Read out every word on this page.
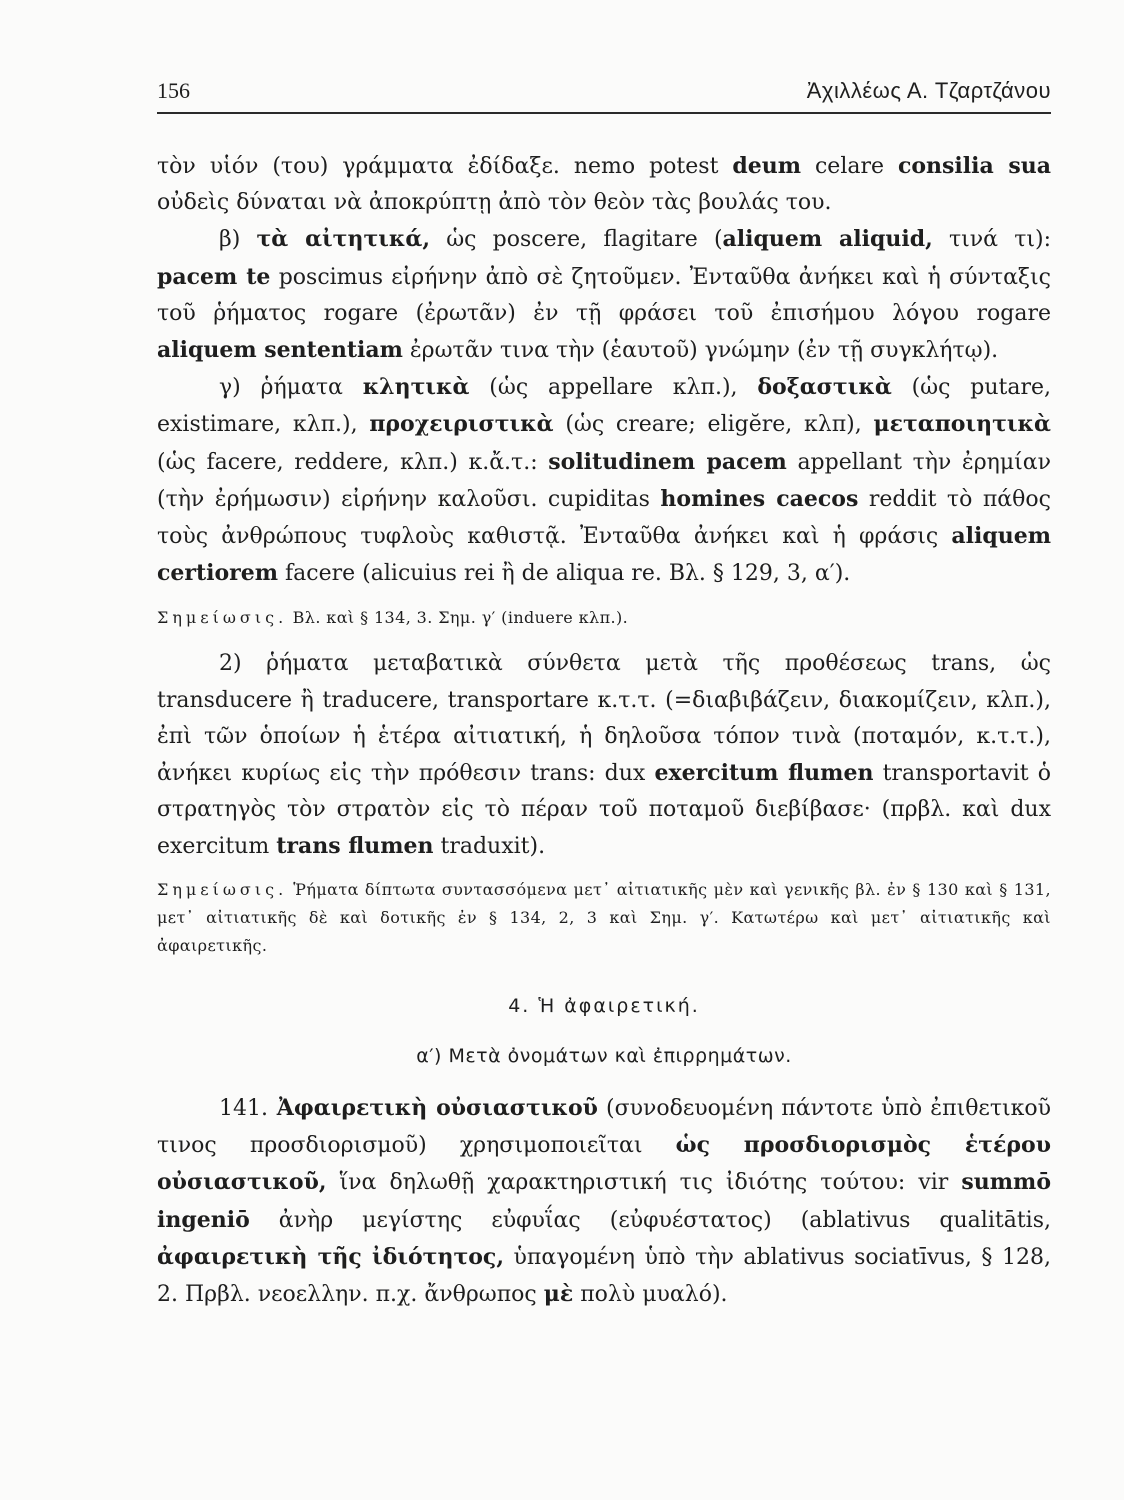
156	Ἀχιλλέως Α. Τζαρτζάνου

τὸν υἱόν (του) γράμματα ἐδίδαξε. nemo potest deum celare consilia sua οὐδεὶς δύναται νὰ ἀποκρύπτῃ ἀπὸ τὸν θεὸν τὰς βουλάς του.

β) τὰ αἰτητικά, ὡς poscere, flagitare (aliquem aliquid, τινά τι): pacem te poscimus εἰρήνην ἀπὸ σὲ ζητοῦμεν. Ἐνταῦθα ἀνήκει καὶ ἡ σύνταξις τοῦ ῥήματος rogare (ἐρωτᾶν) ἐν τῇ φράσει τοῦ ἐπισήμου λόγου rogare aliquem sententiam ἐρωτᾶν τινα τὴν (ἑαυτοῦ) γνώμην (ἐν τῇ συγκλήτῳ).

γ) ῥήματα κλητικὰ (ὡς appellare κλπ.), δοξαστικὰ (ὡς putare, existimare, κλπ.), προχειριστικὰ (ὡς creare; eligĕre, κλπ), μεταποιητικὰ (ὡς facere, reddere, κλπ.) κ.ἄ.τ.: solitudinem pacem appellant τὴν ἐρημίαν (τὴν ἐρήμωσιν) εἰρήνην καλοῦσι. cupiditas homines caecos reddit τὸ πάθος τοὺς ἀνθρώπους τυφλοὺς καθιστᾷ. Ἐνταῦθα ἀνήκει καὶ ἡ φράσις aliquem certiorem facere (alicuius rei ἢ de aliqua re. Βλ. § 129, 3, α′).

Σημείωσις. Βλ. καὶ § 134, 3. Σημ. γ′ (induere κλπ.).

2) ῥήματα μεταβατικὰ σύνθετα μετὰ τῆς προθέσεως trans, ὡς transducere ἢ traducere, transportare κ.τ.τ. (=διαβιβάζειν, διακομίζειν, κλπ.), ἐπὶ τῶν ὁποίων ἡ ἑτέρα αἰτιατική, ἡ δηλοῦσα τόπον τινὰ (ποταμόν, κ.τ.τ.), ἀνήκει κυρίως εἰς τὴν πρόθεσιν trans: dux exercitum flumen transportavit ὁ στρατηγὸς τὸν στρατὸν εἰς τὸ πέραν τοῦ ποταμοῦ διεβίβασε· (πρβλ. καὶ dux exercitum trans flumen traduxit).

Σημείωσις. Ῥήματα δίπτωτα συντασσόμενα μετ᾽ αἰτιατικῆς μὲν καὶ γενικῆς βλ. ἐν § 130 καὶ § 131, μετ᾽ αἰτιατικῆς δὲ καὶ δοτικῆς ἐν § 134, 2, 3 καὶ Σημ. γ′. Κατωτέρω καὶ μετ᾽ αἰτιατικῆς καὶ ἀφαιρετικῆς.

4. Ἡ ἀφαιρετική.

α′) Μετὰ ὀνομάτων καὶ ἐπιρρημάτων.

141. Ἀφαιρετικὴ οὐσιαστικοῦ (συνοδευομένη πάντοτε ὑπὸ ἐπιθετικοῦ τινος προσδιορισμοῦ) χρησιμοποιεῖται ὡς προσδιορισμὸς ἑτέρου οὐσιαστικοῦ, ἵνα δηλωθῇ χαρακτηριστική τις ἰδιότης τούτου: vir summō ingeniō ἀνὴρ μεγίστης εὐφυΐας (εὐφυέστατος) (ablativus qualitātis, ἀφαιρετικὴ τῆς ἰδιότητος, ὑπαγομένη ὑπὸ τὴν ablativus sociatīvus, § 128, 2. Πρβλ. νεοελλην. π.χ. ἄνθρωπος μὲ πολὺ μυαλό).
